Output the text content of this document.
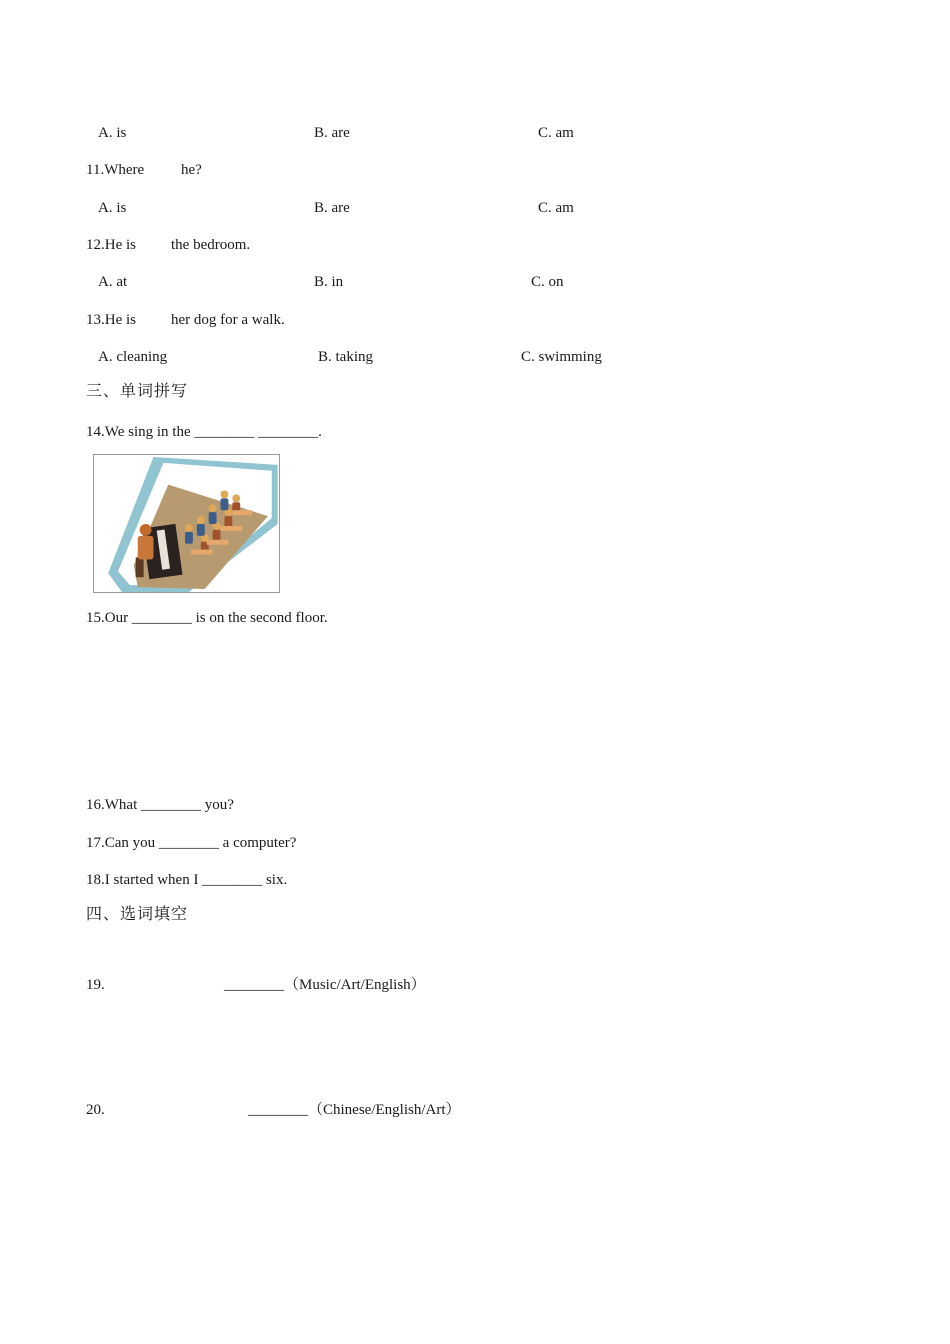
A. is	B. are	C. am
11.Where he?
A. is	B. are	C. am
12.He is the bedroom.
A. at	B. in	C. on
13.He is her dog for a walk.
A. cleaning	B. taking	C. swimming
三、单词拼写
14.We sing in the ________ ________.
15.Our ________ is on the second floor.
16.What ________ you?
17.Can you ________ a computer?
18.I started when I ________ six.
四、选词填空
19.	________（Music/Art/English）
20.	________（Chinese/English/Art）
